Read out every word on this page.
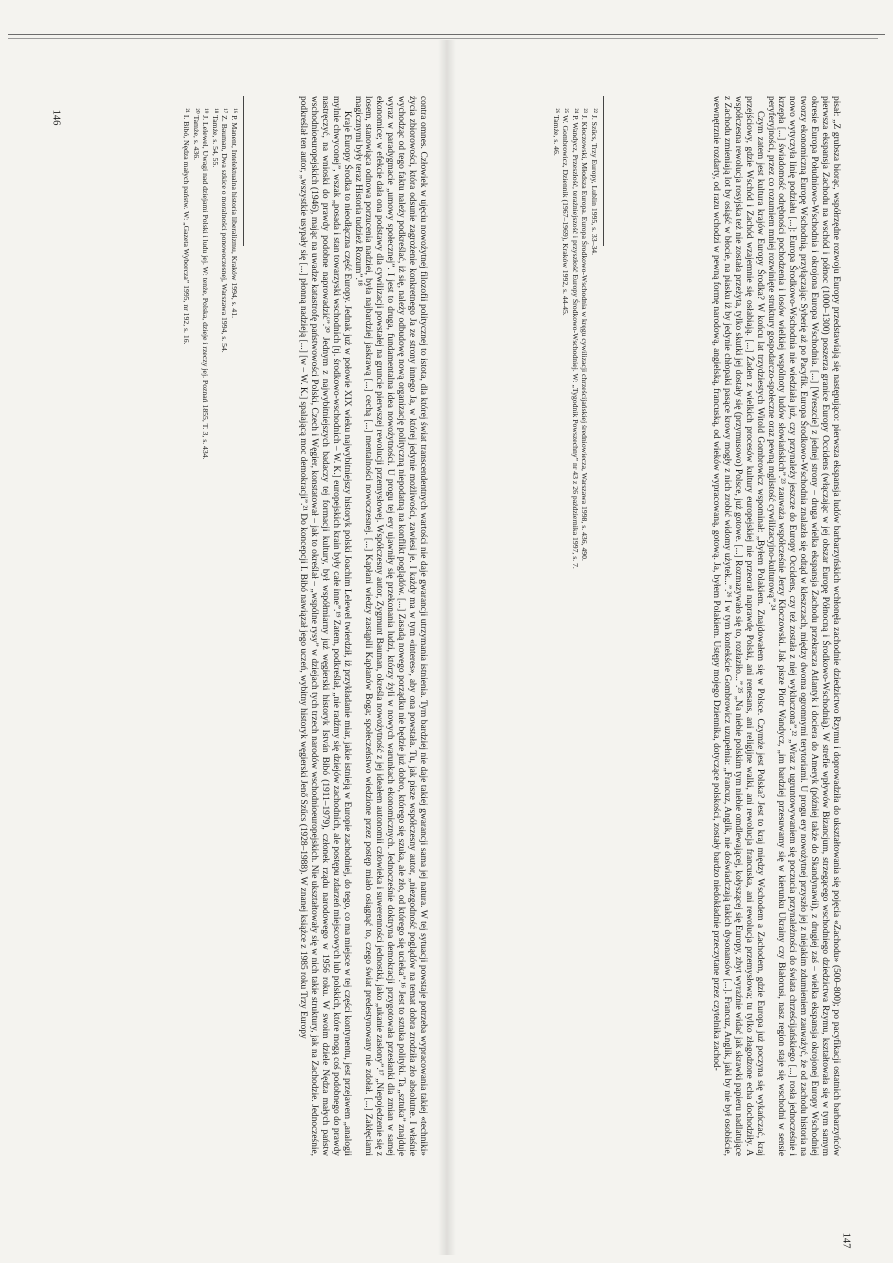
¹⁶ P. Manent, Intelektualna historia liberalizmu, Kraków 1994, s. 41.

¹⁷ Z. Bauman, Dwa szkice o moralności ponowoczesnej, Warszawa 1994, s. 54.

¹⁸ Tamże, s. 54, 55.

¹⁹ J. Lelewel, Uwagi nad dziejami Polski i ludu jej. W: tenże, Polska, dzieje i rzeczy jej. Poznań 1855, T. 3, s. 434.

²⁰ Tamże, s. 436.

²¹ I. Bibó, Nędza małych państw. W: „Gazeta Wyborcza” 1995, nr 192, s. 16.	contra omnes. Człowiek w ujęciu nowożytnej filozofii politycznej to istota, dla której świat transcendentnych wartości nie daje gwarancji utrzymania istnienia. Tym bardziej nie daje takiej gwarancji sama jej natura. W tej sytuacji powstaje potrzeba wypracowania takiej «techniki» życia zbiorowości, która odsunie zagrożenie konkretnego Ja ze strony innego Ja, w której jedynie możliwości, zawiesi je. I każdy ma w tym «interes», aby ona powstała. Tu, jak pisze współczesny autor, „niezgodność poglądów na temat dobra zrodziła zło absolutne. I właśnie wychodząc od tego faktu należy podkreślać, iż się, należy odbudowę nową organizację polityczną niepodatną na konflikt poglądów. [...] Zasadą nowego porządku nie będzie już dobro, którego się szuka, ale zło, od którego się ucieka”.¹⁶ Jest to sztuka polityki. Ta „sztuka” znajduje wyraz w paradygmacie „umowy społecznej”. I jest to druga, fundamentalna idea nowożytności. U progu tej ery ujawniły się przekonania ludzi, którzy żyli w nowych warunkach ekonomicznych. Jednocześnie doktryna demokracji przygotowała przesłanki dla zmian w samej ekonomice; w efekcie dała ona podstawy dla cywilizacji powstałej na gruncie pierwszej rewolucji przemysłowej. Współczesny autor, Zygmunt Bauman, określa nowożytność z jej ideałem autonomii człowieka i suwerenności jednostki, jako „ukanie zasłony”.¹⁷ „Niepojedzenie się z losem, stanowiąca odnowa porzucenia nadziei, była najbardziej jaskrawą [...] cechą [...] mentalności nowoczesnej. [...] Kapłani wiedzy zastąpili Kapłanów Boga; społeczeństwo wiedzione przez postęp miało osiągnąć to, czego świat predestynowany nie zdołał. [...] Zakłęciami magicznymi były teraz Historia tudzież Rozum”.¹⁸

Kraje Europy Środka to nieodłączna część Europy. Jednak już w połowie XIX wieku najwybitniejszy historyk polski Joachim Lelewel twierdził, iż przykładanie miar, jakie istnieją w Europie zachodniej, do tego, co ma miejsce w tej części kontynentu, jest przejawem „analogii mylnie chwyconej”, wszak „posada i stan towarzyski wschodnich [tj. środkowo-wschodnich – W. K.] europejskich krain były całe inne”.¹⁹ Zatem, podkreślał, „nie radźmy się dziejów zachodnich, ale postępu zdarzeń miejscowych lub polskich, które mogą coś podobnego do prawdy nastręczyć, na wnioski do prawdy podobne naprowadzić”.²⁰ Jednym z najwybitniejszych badaczy tej formacji kultury, był współmiarny już węgierski historyk István Bibó (1911–1979), członek rządu narodowego w 1956 roku. W swoim dziele Nędza małych państw wschodnioeuropejskich (1946), mając na uwadze katastrofę państwowości Polski, Czech i Węgier, konstatował – jak to określał – „wspólne rysy” w dziejach tych trzech narodów wschodnioeuropejskich. Nie ukształtowały się w nich takie struktury, jak na Zachodzie. Jednocześnie, podkreślał ten autor, „wszystkie usypały się [...] płonną nadzieją [...] [w – W. K.] spalającą moc demokracji”.²¹ Do koncepcji I. Bibó nawiązał jego uczeń, wybitny historyk węgierski Jenő Szűcs (1928–1988). W znanej książce z 1985 roku Trzy Europy

146	pisał: „Z grubsza biorąc, współrzędne rozwoju Europy przedstawiają się następująco: pierwsza ekspansja ludów barbarzyńskich wchłonęła zachodnie dziedzictwo Rzymu i doprowadziła do ukształtowania się pojęcia «Zachodu» (500–800); po pacyfikacji ostatnich barbarzyńców pierwsza ekspansja Zachodu na wschód i północ (1000–1300) poszerza granice Europy Occidens (włączając w jej obszar Europę Północną i Środkowo-Wschodnią). W strefie wpływów Bizancjum, strzegącego wschodniego dziedzictwa Rzymu, kształtowała się w tym samym okresie Europa Południowo-Wschodnia i okrojona Europa Wschodnia. [...] [Wreszcie] z jednej strony – druga wielka ekspansja Zachodu przekracza Atlantyk i dociera do Ameryk (później także do Skandynawii), z drugiej zaś – wielka ekspansja okrojonej Europy Wschodniej tworzy ekonomiczną Europę Wschodnią, przyłączając Syberię aż po Pacyfik. Europa Środkowo-Wschodnia znalazła się odtąd w kleszczach, między dwoma ogromnymi terytoriami. U progu ery nowożytnej przyszło jej z niejakim zdumieniem zauważyć, że od zachodu historia na nowo wytyczyła linię podziału [...]: Europa Środkowo-Wschodnia nie wiedziała już, czy przynależy jeszcze do Europy Occidens, czy też została z niej wykluczona”.²² „Wraz z ugruntowywaniem się poczucia przynależności do świata chrześcijańskiego [...] rosła jednocześnie i krzepła [...] świadomość odrębności pochodzenia i losów wielkiej wspólnoty ludów słowiańskich”.²³ zauważa współcześnie Jerzy Kłoczowski. Jak pisze Piotr Wandycz, „im bardziej przesuwamy się w kierunku Ukrainy czy Białorusi, nasz region staje się wschodni w sensie peryferyjności, przez co rozumiem mniej rozwinięte struktury gospodarczo-społeczne oraz pewną mglistość cywilizacyjno-kulturową”.²⁴

Czym zatem jest kultura krajów Europy Środka? W końcu lat trzydziestych Witold Gombrowicz wspominał: „Byłem Polakiem. Znajdowałem się w Polsce. Czymże jest Polska? Jest to kraj między Wschodem a Zachodem, gdzie Europa już poczyna się wykańczać, kraj przejściowy, gdzie Wschód i Zachód wzajemnie się osłabiają. [...] Żaden z wielkich procesów kultury europejskiej nie przeorał naprawdę Polski, ani renesans, ani religijne walki, ani rewolucja francuska, ani rewolucja przemysłowa; tu tylko złagodzone echa dochodziły. A współczesna rewolucja rosyjska też nie została przeżyta, tylko skutki jej dostały się (przymusowo) Polsce, już gotowe. [...] Rozmazywało się to, rozłaziło...”.²⁵ „Na niebie polskim tym niebie omdlewającej, kołyszącej się Europy, zbyt wyraźnie widać jak skrawki papieru nadlatujące z Zachodu zmieniają lot by osiąść w błocie, na piasku iż by jedynie chłopaki pasące krowy mogły z nich zrobić widomy użytek...”.²⁶ I w tym kontekście Gombrowicz uzupełnia: „Francuz, Anglik, nie doświadczają takich dysonansów [...]. Francuz, Anglik, jaki by nie był osobiście, wewnętrznie rozdarty, od razu wchodzi w pewną formę narodową, angielską, francuską, od wieków wypracowaną, gotową. Ja, byłem Polakiem. Ustępy mojego Dziennika, dotyczące polskości, zostały bardzo niedokładnie przeczytane przez czytelnika zachod-

²² J. Szűcs, Trzy Europy, Lublin 1995, s. 33–34.

²³ J. Kłoczowski, Młodsza Europa. Europa Środkowo-Wschodnia w kręgu cywilizacji chrześcijańskiej średniowiecza, Warszawa 1998, s. 436, 490.

²⁴ P. Wandycz, Przeszłość, teraźniejszość i przyszłość Europy Środkowo-Wschodniej. W: „Tygodnik Powszechny” nr 43 z 26 października 1997, s. 7.

²⁵ W. Gombrowicz, Dziennik (1967–1969), Kraków 1992, s. 44-45.

²⁶ Tamże, s. 46.

147
